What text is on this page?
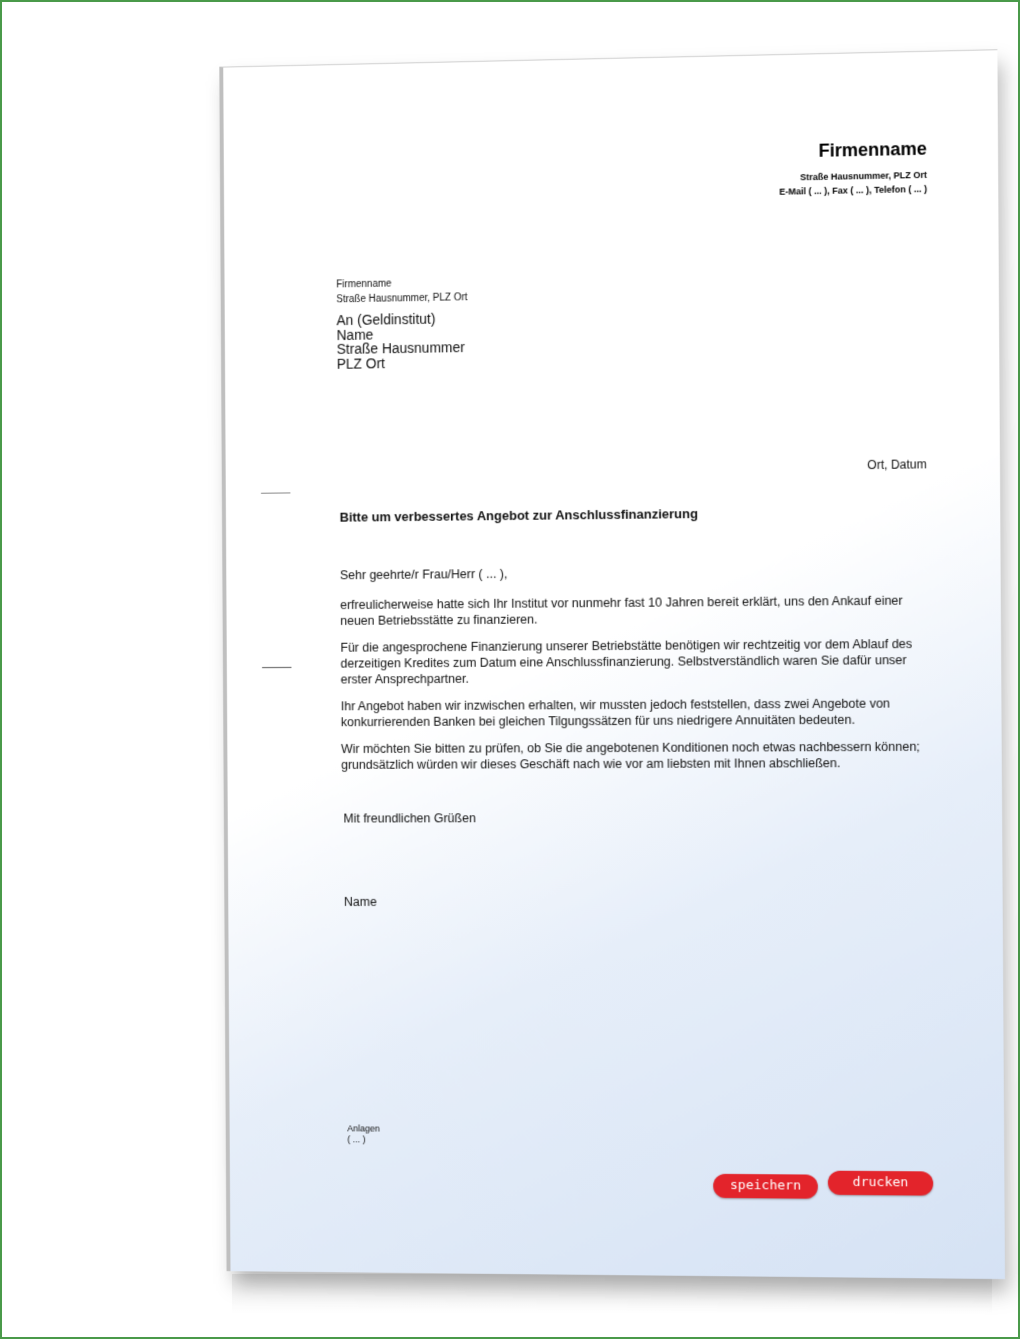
Firmenname
Straße Hausnummer, PLZ Ort
E-Mail ( ... ), Fax ( ... ), Telefon ( ... )
Firmenname
Straße Hausnummer, PLZ Ort
An (Geldinstitut)
Name
Straße Hausnummer
PLZ Ort
Ort, Datum
Bitte um verbessertes Angebot zur Anschlussfinanzierung

Sehr geehrte/r Frau/Herr ( ... ),

erfreulicherweise hatte sich Ihr Institut vor nunmehr fast 10 Jahren bereit erklärt, uns den Ankauf einer neuen Betriebsstätte zu finanzieren.

Für die angesprochene Finanzierung unserer Betriebstätte benötigen wir rechtzeitig vor dem Ablauf des derzeitigen Kredites zum Datum eine Anschlussfinanzierung. Selbstverständlich waren Sie dafür unser erster Ansprechpartner.

Ihr Angebot haben wir inzwischen erhalten, wir mussten jedoch feststellen, dass zwei Angebote von konkurrierenden Banken bei gleichen Tilgungssätzen für uns niedrigere Annuitäten bedeuten.

Wir möchten Sie bitten zu prüfen, ob Sie die angebotenen Konditionen noch etwas nachbessern können; grundsätzlich würden wir dieses Geschäft nach wie vor am liebsten mit Ihnen abschließen.

Mit freundlichen Grüßen
Name
Anlagen
( ... )
speichern	drucken
